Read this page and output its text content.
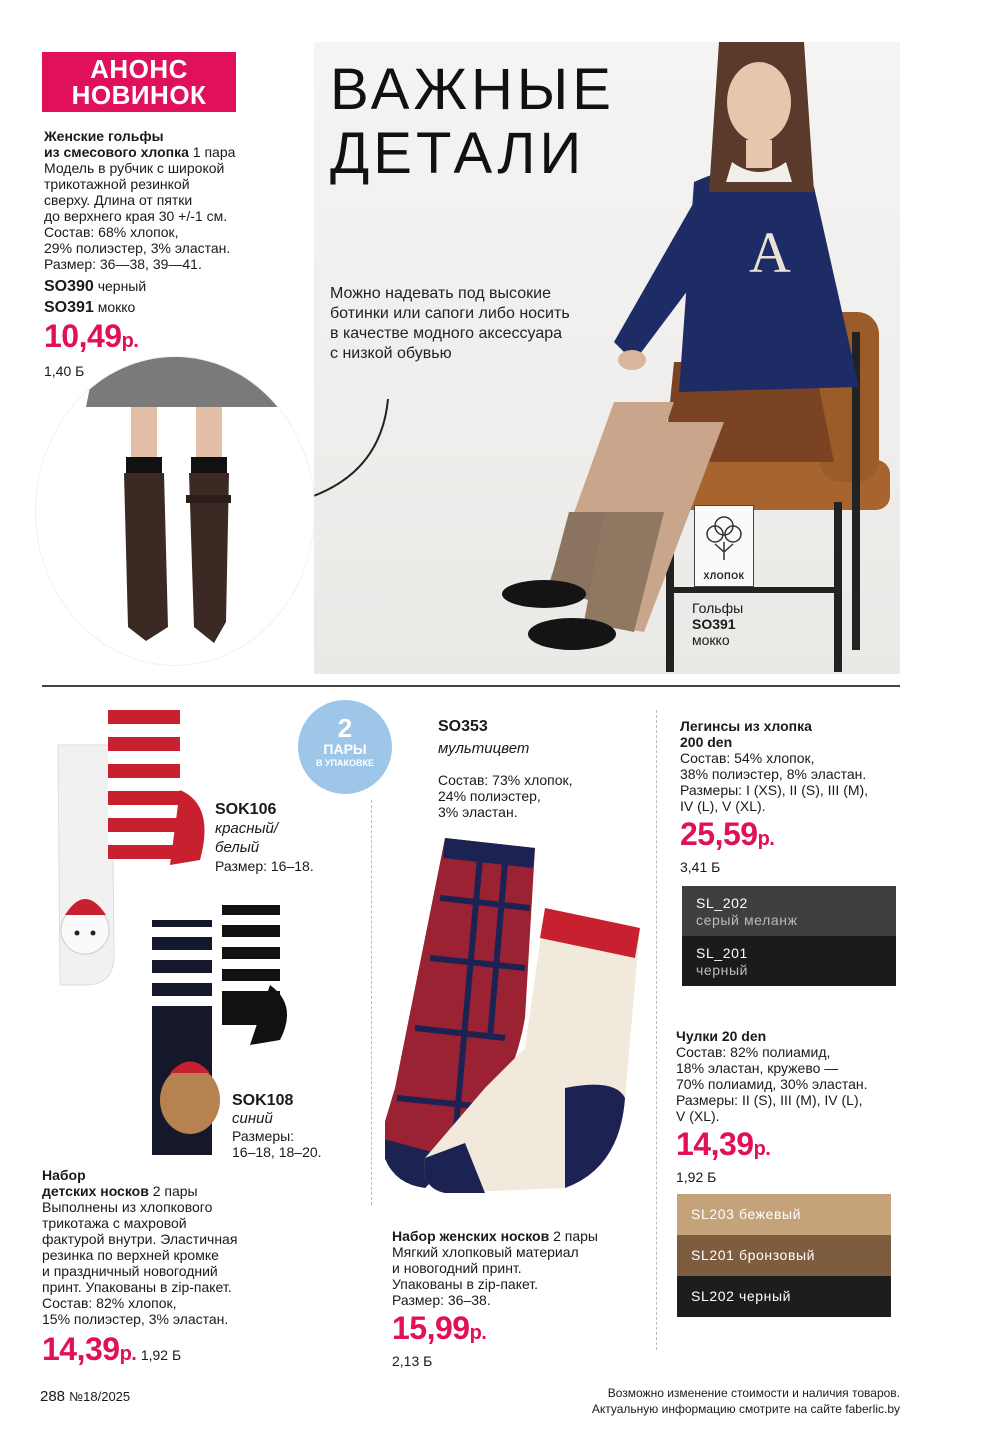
A
АНОНС
НОВИНОК	ВАЖНЫЕ
ДЕТАЛИ
Можно надевать под высокие ботинки или сапоги либо носить в качестве модного аксессуара с низкой обувью
Женские гольфы
из смесового хлопка 1 пара
Модель в рубчик с широкой
трикотажной резинкой
сверху. Длина от пятки
до верхнего края 30 +/-1 см.
Состав: 68% хлопок,
29% полиэстер, 3% эластан.
Размер: 36—38, 39—41.
SO390 черный
SO391 мокко
10,49р.
1,40 Б
ХЛОПОК
Гольфы
SO391
мокко
2
ПАРЫ
В УПАКОВКЕ
SOK106
красный/
белый
Размер: 16–18.
SOK108
синий
Размеры:
16–18, 18–20.
Набор
детских носков 2 пары
Выполнены из хлопкового
трикотажа с махровой
фактурой внутри. Эластичная
резинка по верхней кромке
и праздничный новогодний
принт. Упакованы в zip-пакет.
Состав: 82% хлопок,
15% полиэстер, 3% эластан.
14,39р. 1,92 Б
SO353
мультицвет
Состав: 73% хлопок,
24% полиэстер,
3% эластан.
Набор женских носков 2 пары
Мягкий хлопковый материал
и новогодний принт.
Упакованы в zip-пакет.
Размер: 36–38.
15,99р.
2,13 Б
Легинсы из хлопка
200 den
Состав: 54% хлопок,
38% полиэстер, 8% эластан.
Размеры: I (XS), II (S), III (M),
IV (L), V (XL).
25,59р.
3,41 Б
SL_202
серый меланж
SL_201
черный
Чулки 20 den
Состав: 82% полиамид,
18% эластан, кружево —
70% полиамид, 30% эластан.
Размеры: II (S), III (M), IV (L),
V (XL).
14,39р.
1,92 Б
SL203 бежевый
SL201 бронзовый
SL202 черный
288 №18/2025	Возможно изменение стоимости и наличия товаров.
Актуальную информацию смотрите на сайте faberlic.by
